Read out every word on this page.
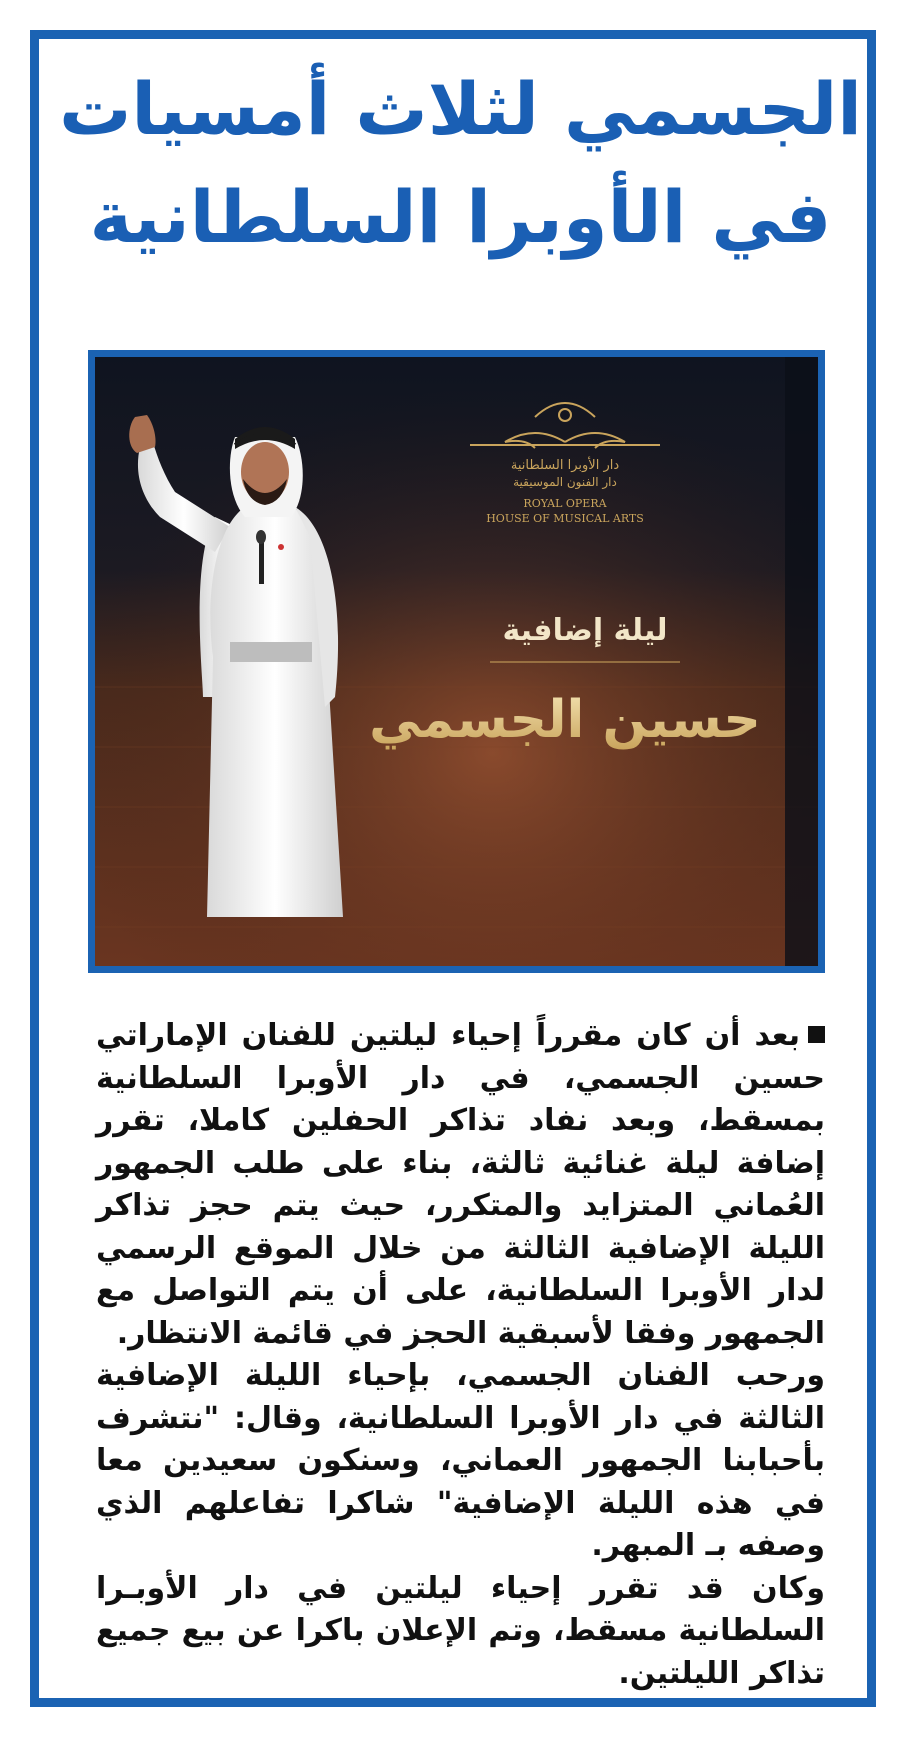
الجسمي لثلاث أمسيات
في الأوبرا السلطانية
دار الأوبرا السلطانية
دار الفنون الموسيقية
ROYAL OPERA
HOUSE OF MUSICAL ARTS
ليلة إضافية
حسين الجسمي

بعد أن كان مقرراً إحياء ليلتين للفنان الإماراتي حسين الجسمي، في دار الأوبرا السلطانية بمسقط، وبعد نفاد تذاكر الحفلين كاملا، تقرر إضافة ليلة غنائية ثالثة، بناء على طلب الجمهور العُماني المتزايد والمتكرر، حيث يتم حجز تذاكر الليلة الإضافية الثالثة من خلال الموقع الرسمي لدار الأوبرا السلطانية، على أن يتم التواصل مع الجمهور وفقا لأسبقية الحجز في قائمة الانتظار.

ورحب الفنان الجسمي، بإحياء الليلة الإضافية الثالثة في دار الأوبرا السلطانية، وقال: "نتشرف بأحبابنا الجمهور العماني، وسنكون سعيدين معا في هذه الليلة الإضافية" شاكرا تفاعلهم الذي وصفه بـ المبهر.

وكان قد تقرر إحياء ليلتين في دار الأوبـرا السلطانية مسقط، وتم الإعلان باكرا عن بيع جميع تذاكر الليلتين.
